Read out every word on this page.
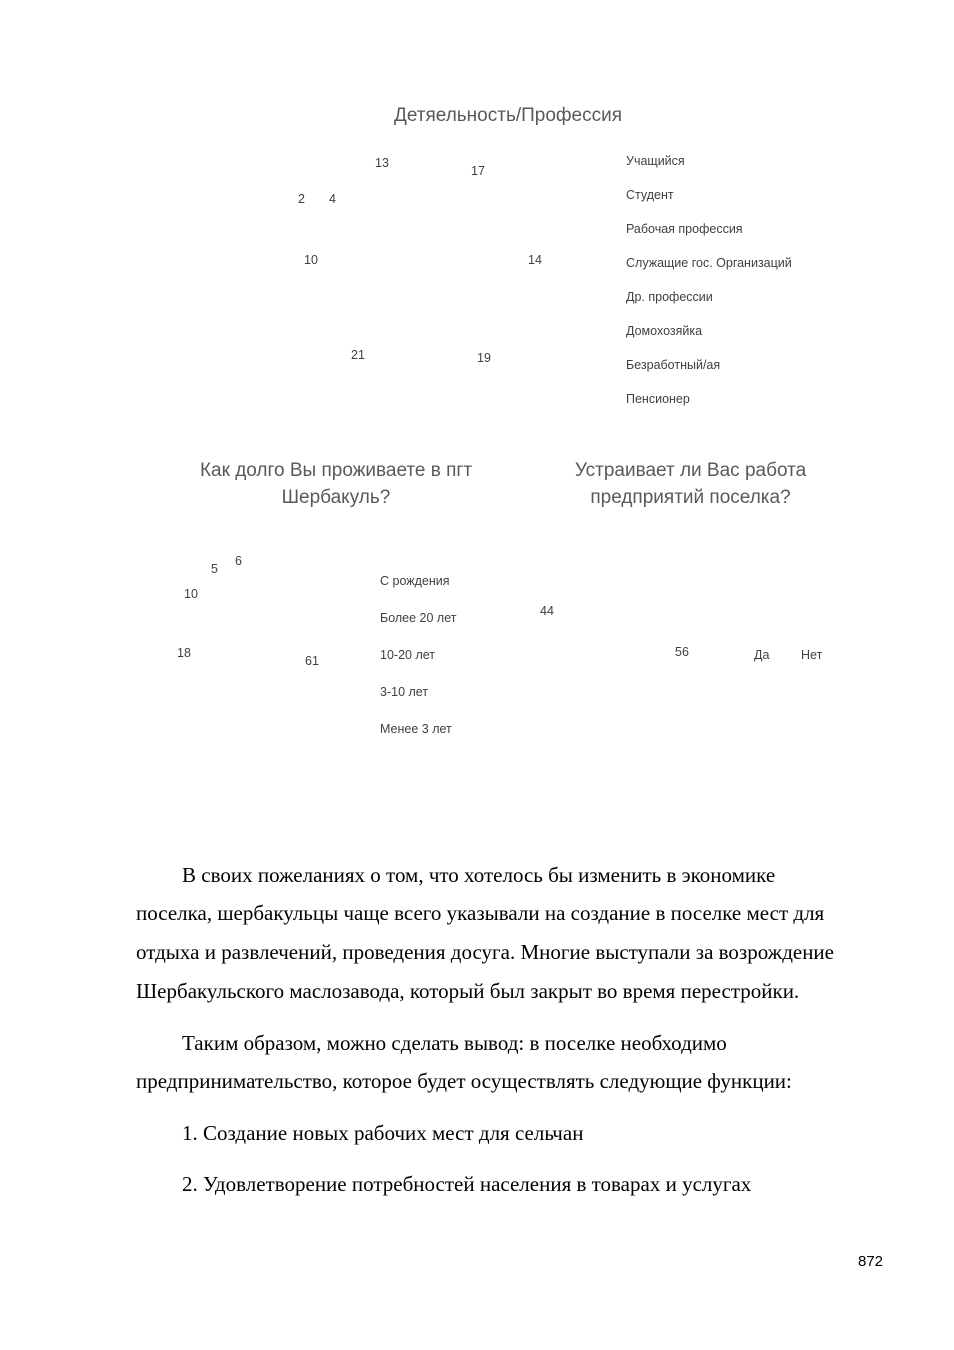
Детяельность/Профессия
13
17
14
19
21
10
2 4
Учащийся
Студент
Рабочая профессия
Служащие гос. Организаций
Др. профессии
Домохозяйка
Безработный/ая
Пенсионер
Как долго Вы проживаете в пгт Шербакуль?
61
18
10
5
6
С рождения
Более 20 лет
10-20 лет
3-10 лет
Менее 3 лет
Устраивает ли Вас работа предприятий поселка?
56
44
Да	Нет
В своих пожеланиях о том, что хотелось бы изменить в экономике
поселка, шербакульцы чаще всего указывали на создание в поселке мест для
отдыха и развлечений, проведения досуга. Многие выступали за возрождение
Шербакульского маслозавода, который был закрыт во время перестройки.
Таким образом, можно сделать вывод: в поселке необходимо
предпринимательство, которое будет осуществлять следующие функции:
1. Создание новых рабочих мест для сельчан
2. Удовлетворение потребностей населения в товарах и услугах
872
